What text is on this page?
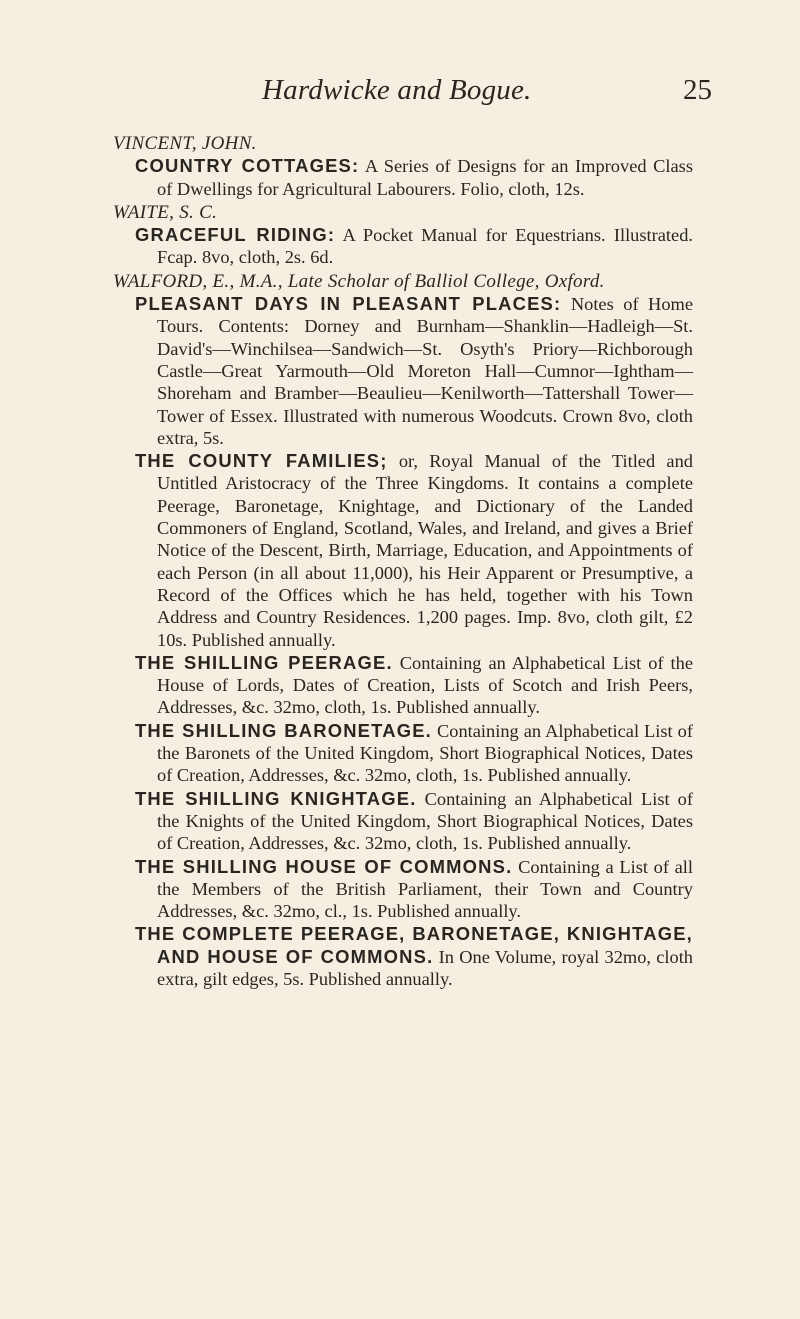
Hardwicke and Bogue.	25
VINCENT, JOHN.
COUNTRY COTTAGES: A Series of Designs for an Improved Class of Dwellings for Agricultural Labourers. Folio, cloth, 12s.
WAITE, S. C.
GRACEFUL RIDING: A Pocket Manual for Equestrians. Illustrated. Fcap. 8vo, cloth, 2s. 6d.
WALFORD, E., M.A., Late Scholar of Balliol College, Oxford.
PLEASANT DAYS IN PLEASANT PLACES: Notes of Home Tours. Contents: Dorney and Burnham—Shanklin—Hadleigh—St. David's—Winchilsea—Sandwich—St. Osyth's Priory—Richborough Castle—Great Yarmouth—Old Moreton Hall—Cumnor—Ightham—Shoreham and Bramber—Beaulieu—Kenilworth—Tattershall Tower—Tower of Essex. Illustrated with numerous Woodcuts. Crown 8vo, cloth extra, 5s.
THE COUNTY FAMILIES; or, Royal Manual of the Titled and Untitled Aristocracy of the Three Kingdoms. It contains a complete Peerage, Baronetage, Knightage, and Dictionary of the Landed Commoners of England, Scotland, Wales, and Ireland, and gives a Brief Notice of the Descent, Birth, Marriage, Education, and Appointments of each Person (in all about 11,000), his Heir Apparent or Presumptive, a Record of the Offices which he has held, together with his Town Address and Country Residences. 1,200 pages. Imp. 8vo, cloth gilt, £2 10s. Published annually.
THE SHILLING PEERAGE. Containing an Alphabetical List of the House of Lords, Dates of Creation, Lists of Scotch and Irish Peers, Addresses, &c. 32mo, cloth, 1s. Published annually.
THE SHILLING BARONETAGE. Containing an Alphabetical List of the Baronets of the United Kingdom, Short Biographical Notices, Dates of Creation, Addresses, &c. 32mo, cloth, 1s. Published annually.
THE SHILLING KNIGHTAGE. Containing an Alphabetical List of the Knights of the United Kingdom, Short Biographical Notices, Dates of Creation, Addresses, &c. 32mo, cloth, 1s. Published annually.
THE SHILLING HOUSE OF COMMONS. Containing a List of all the Members of the British Parliament, their Town and Country Addresses, &c. 32mo, cl., 1s. Published annually.
THE COMPLETE PEERAGE, BARONETAGE, KNIGHTAGE, AND HOUSE OF COMMONS. In One Volume, royal 32mo, cloth extra, gilt edges, 5s. Published annually.
